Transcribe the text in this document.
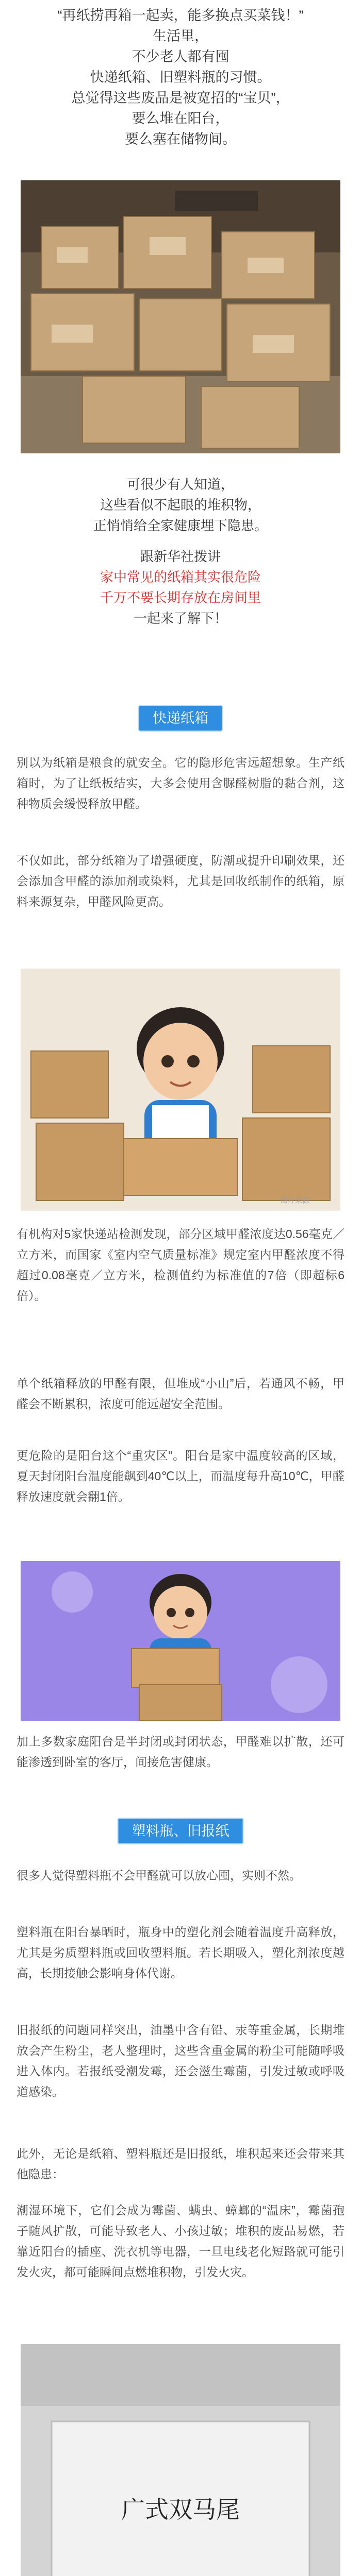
“再纸捞再箱一起卖，能多换点买菜钱！”
生活里，
不少老人都有囤
快递纸箱、旧塑料瓶的习惯。
总觉得这些废品是被宽招的“宝贝”，
要么堆在阳台，
要么塞在储物间。
可很少有人知道，
这些看似不起眼的堆积物，
正悄悄给全家健康埋下隐患。
跟新华社拨讲
家中常见的纸箱其实很危险
千万不要长期存放在房间里
一起来了解下！
快递纸箱
别以为纸箱是粮食的就安全。它的隐形危害远超想象。生产纸箱时，为了让纸板结实，大多会使用含脲醛树脂的黏合剂，这种物质会缓慢释放甲醛。
不仅如此，部分纸箱为了增强硬度，防潮或提升印刷效果，还会添加含甲醛的添加剂或染料，尤其是回收纸制作的纸箱，原料来源复杂，甲醛风险更高。
图片来源
有机构对5家快递站检测发现，部分区域甲醛浓度达0.56毫克／立方米，而国家《室内空气质量标准》规定室内甲醛浓度不得超过0.08毫克／立方米，检测值约为标准值的7倍（即超标6倍）。
单个纸箱释放的甲醛有限，但堆成“小山”后，若通风不畅，甲醛会不断累积，浓度可能远超安全范围。
更危险的是阳台这个“重灾区”。阳台是家中温度较高的区域，夏天封闭阳台温度能飙到40℃以上，而温度每升高10℃，甲醛释放速度就会翻1倍。
加上多数家庭阳台是半封闭或封闭状态，甲醛难以扩散，还可能渗透到卧室的客厅，间接危害健康。
塑料瓶、旧报纸
很多人觉得塑料瓶不会甲醛就可以放心囤，实则不然。
塑料瓶在阳台暴晒时，瓶身中的塑化剂会随着温度升高释放，尤其是劣质塑料瓶或回收塑料瓶。若长期吸入，塑化剂浓度越高，长期接触会影响身体代谢。
旧报纸的问题同样突出，油墨中含有铅、汞等重金属，长期堆放会产生粉尘，老人整理时，这些含重金属的粉尘可能随呼吸进入体内。若报纸受潮发霉，还会滋生霉菌，引发过敏或呼吸道感染。
此外，无论是纸箱、塑料瓶还是旧报纸，堆积起来还会带来其他隐患：
潮湿环境下，它们会成为霉菌、螨虫、蟑螂的“温床”，霉菌孢子随风扩散，可能导致老人、小孩过敏；堆积的废品易燃，若靠近阳台的插座、洗衣机等电器，一旦电线老化短路就可能引发火灾，都可能瞬间点燃堆积物，引发火灾。
广式双马尾
